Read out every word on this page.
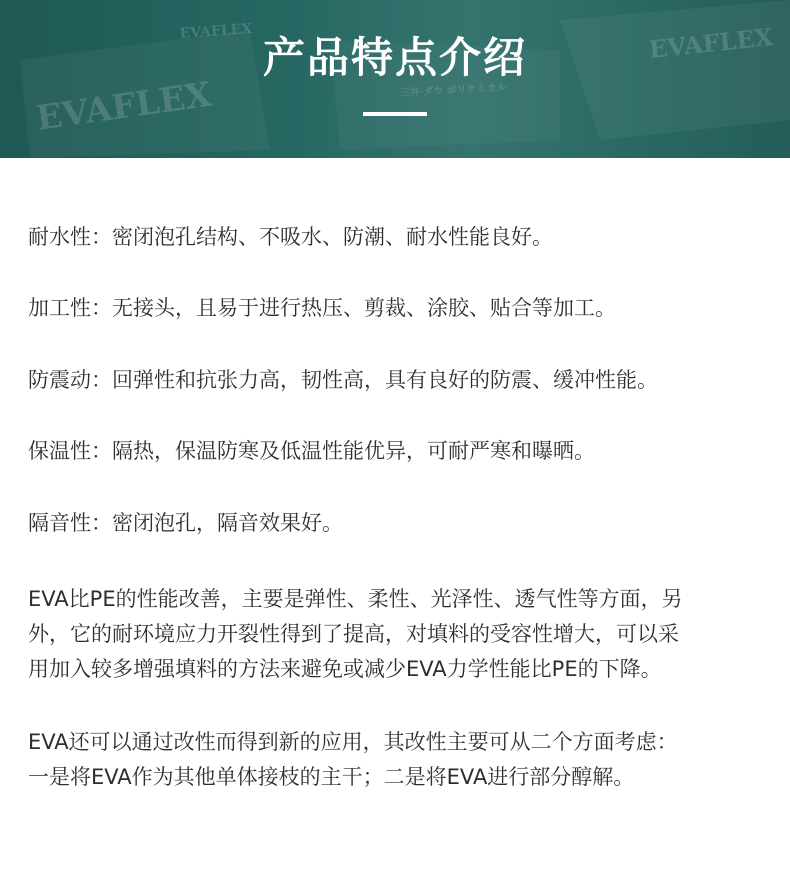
EVAFLEX
EVAFLEX
EVAFLEX
三井·ダウ ポリケミカル
产品特点介绍

耐水性：密闭泡孔结构、不吸水、防潮、耐水性能良好。

加工性：无接头，且易于进行热压、剪裁、涂胶、贴合等加工。

防震动：回弹性和抗张力高，韧性高，具有良好的防震、缓冲性能。

保温性：隔热，保温防寒及低温性能优异，可耐严寒和曝晒。

隔音性：密闭泡孔，隔音效果好。

EVA比PE的性能改善，主要是弹性、柔性、光泽性、透气性等方面，另
外，它的耐环境应力开裂性得到了提高，对填料的受容性增大，可以采
用加入较多增强填料的方法来避免或减少EVA力学性能比PE的下降。
EVA还可以通过改性而得到新的应用，其改性主要可从二个方面考虑：
一是将EVA作为其他单体接枝的主干；二是将EVA进行部分醇解。
